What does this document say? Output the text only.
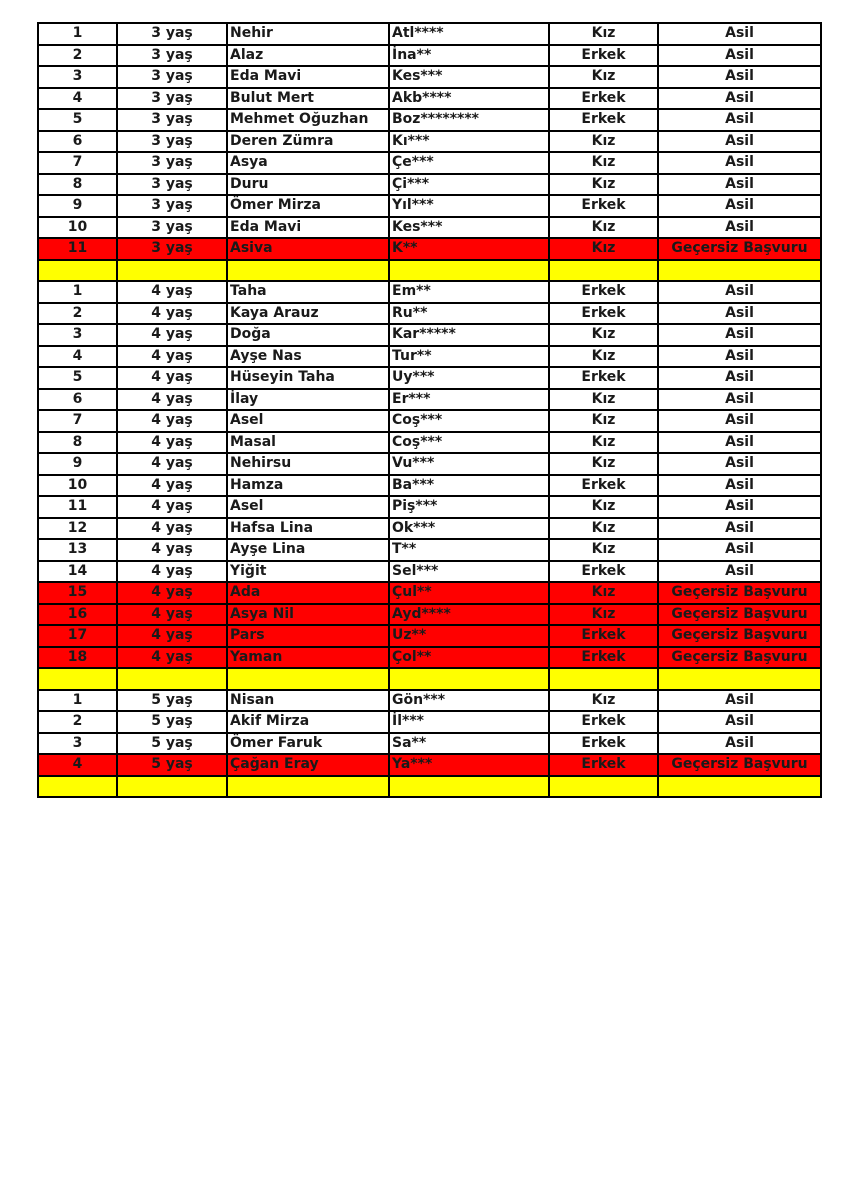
1	3 yaş	Nehir	Atl****	Kız	Asil
2	3 yaş	Alaz	İna**	Erkek	Asil
3	3 yaş	Eda Mavi	Kes***	Kız	Asil
4	3 yaş	Bulut Mert	Akb****	Erkek	Asil
5	3 yaş	Mehmet Oğuzhan	Boz********	Erkek	Asil
6	3 yaş	Deren Zümra	Kı***	Kız	Asil
7	3 yaş	Asya	Çe***	Kız	Asil
8	3 yaş	Duru	Çi***	Kız	Asil
9	3 yaş	Ömer Mirza	Yıl***	Erkek	Asil
10	3 yaş	Eda Mavi	Kes***	Kız	Asil
11	3 yaş	Asiva	K**	Kız	Geçersiz Başvuru

1	4 yaş	Taha	Em**	Erkek	Asil
2	4 yaş	Kaya Arauz	Ru**	Erkek	Asil
3	4 yaş	Doğa	Kar*****	Kız	Asil
4	4 yaş	Ayşe Nas	Tur**	Kız	Asil
5	4 yaş	Hüseyin Taha	Uy***	Erkek	Asil
6	4 yaş	İlay	Er***	Kız	Asil
7	4 yaş	Asel	Coş***	Kız	Asil
8	4 yaş	Masal	Coş***	Kız	Asil
9	4 yaş	Nehirsu	Vu***	Kız	Asil
10	4 yaş	Hamza	Ba***	Erkek	Asil
11	4 yaş	Asel	Piş***	Kız	Asil
12	4 yaş	Hafsa Lina	Ok***	Kız	Asil
13	4 yaş	Ayşe Lina	T**	Kız	Asil
14	4 yaş	Yiğit	Sel***	Erkek	Asil
15	4 yaş	Ada	Çul**	Kız	Geçersiz Başvuru
16	4 yaş	Asya Nil	Ayd****	Kız	Geçersiz Başvuru
17	4 yaş	Pars	Uz**	Erkek	Geçersiz Başvuru
18	4 yaş	Yaman	Çol**	Erkek	Geçersiz Başvuru

1	5 yaş	Nisan	Gön***	Kız	Asil
2	5 yaş	Akif Mirza	İl***	Erkek	Asil
3	5 yaş	Ömer Faruk	Sa**	Erkek	Asil
4	5 yaş	Çağan Eray	Ya***	Erkek	Geçersiz Başvuru
